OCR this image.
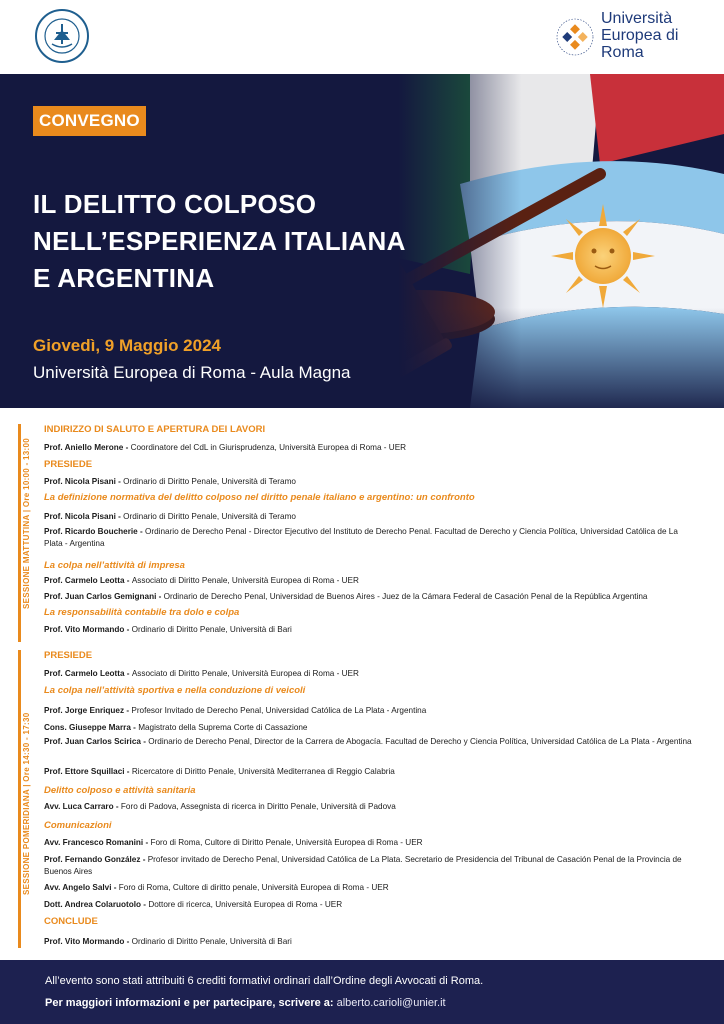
Università
Europea di
Roma
CONVEGNO
IL DELITTO COLPOSO
NELL’ESPERIENZA ITALIANA
E ARGENTINA
Giovedì, 9 Maggio 2024
Università Europea di Roma - Aula Magna
SESSIONE MATTUTINA | Ore 10:00 - 13:00
INDIRIZZO DI SALUTO E APERTURA DEI LAVORI
Prof. Aniello Merone - Coordinatore del CdL in Giurisprudenza, Università Europea di Roma - UER
PRESIEDE
Prof. Nicola Pisani - Ordinario di Diritto Penale, Università di Teramo
La definizione normativa del delitto colposo nel diritto penale italiano e argentino: un confronto
Prof. Nicola Pisani - Ordinario di Diritto Penale, Università di Teramo
Prof. Ricardo Boucherie - Ordinario de Derecho Penal - Director Ejecutivo del Instituto de Derecho Penal. Facultad de Derecho y Ciencia Política, Universidad Católica de La Plata - Argentina
La colpa nell’attività di impresa
Prof. Carmelo Leotta - Associato di Diritto Penale, Università Europea di Roma - UER
Prof. Juan Carlos Gemignani - Ordinario de Derecho Penal, Universidad de Buenos Aires - Juez de la Cámara Federal de Casación Penal de la República Argentina
La responsabilità contabile tra dolo e colpa
Prof. Vito Mormando - Ordinario di Diritto Penale, Università di Bari
SESSIONE POMERIDIANA | Ore 14:30 - 17:30
PRESIEDE
Prof. Carmelo Leotta - Associato di Diritto Penale, Università Europea di Roma - UER
La colpa nell’attività sportiva e nella conduzione di veicoli
Prof. Jorge Enriquez - Profesor Invitado de Derecho Penal, Universidad Católica de La Plata - Argentina
Cons. Giuseppe Marra - Magistrato della Suprema Corte di Cassazione
Prof. Juan Carlos Scirica - Ordinario de Derecho Penal, Director de la Carrera de Abogacía. Facultad de Derecho y Ciencia Política, Universidad Católica de La Plata - Argentina
Prof. Ettore Squillaci - Ricercatore di Diritto Penale, Università Mediterranea di Reggio Calabria
Delitto colposo e attività sanitaria
Avv. Luca Carraro - Foro di Padova, Assegnista di ricerca in Diritto Penale, Università di Padova
Comunicazioni
Avv. Francesco Romanini - Foro di Roma, Cultore di Diritto Penale, Università Europea di Roma - UER
Prof. Fernando González - Profesor invitado de Derecho Penal, Universidad Católica de La Plata. Secretario de Presidencia del Tribunal de Casación Penal de la Provincia de Buenos Aires
Avv. Angelo Salvi - Foro di Roma, Cultore di diritto penale, Università Europea di Roma - UER
Dott. Andrea Colaruotolo - Dottore di ricerca, Università Europea di Roma - UER
CONCLUDE
Prof. Vito Mormando - Ordinario di Diritto Penale, Università di Bari
All’evento sono stati attribuiti 6 crediti formativi ordinari dall’Ordine degli Avvocati di Roma.
Per maggiori informazioni e per partecipare, scrivere a: alberto.carioli@unier.it
